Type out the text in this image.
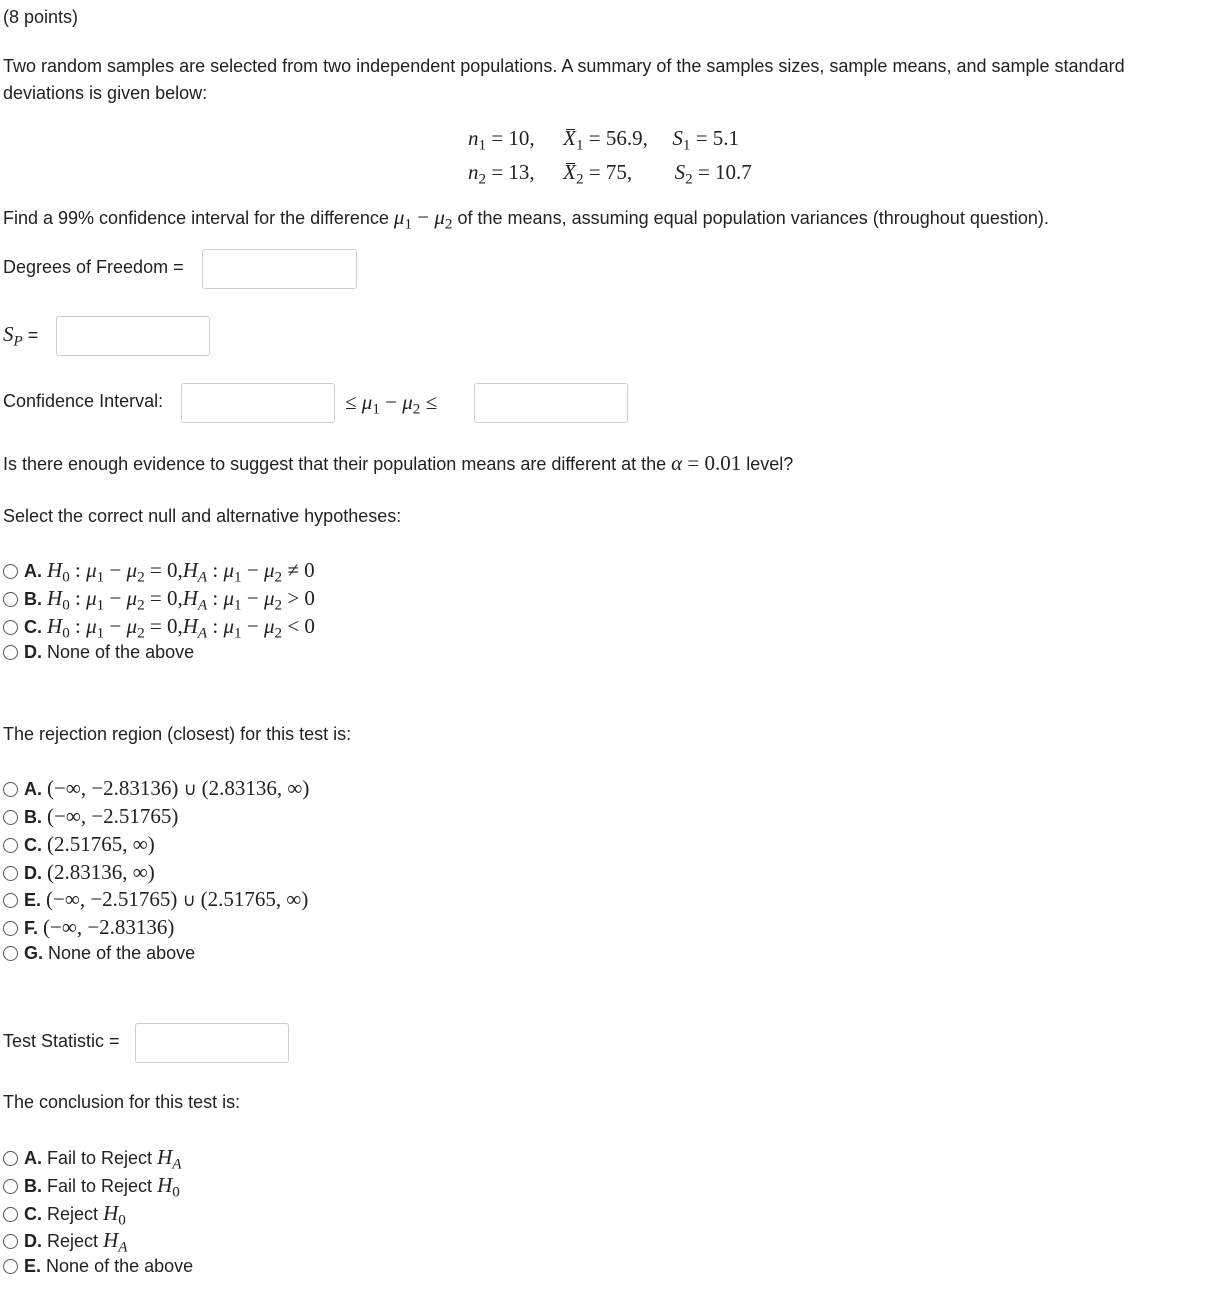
(8 points)
Two random samples are selected from two independent populations. A summary of the samples sizes, sample means, and sample standard deviations is given below:
$n_1 = 10$, $X_1 = 56.9$, $S_1 = 5.1$
$n_2 = 13$, $X_2 = 75$, $S_2 = 10.7$
Find a 99% confidence interval for the difference $\mu_1 - \mu_2$ of the means, assuming equal population variances (throughout question).
Degrees of Freedom =
$S_P$ =
Confidence Interval:	≤ $\mu_1 - \mu_2$ ≤
Is there enough evidence to suggest that their population means are different at the α = 0.01 level?
Select the correct null and alternative hypotheses:
A. $H_0$ : $\mu_1 - \mu_2 = 0,H_A$ : $\mu_1 - \mu_2 \ne 0$
B. $H_0$ : $\mu_1 - \mu_2 = 0,H_A$ : $\mu_1 - \mu_2 > 0$
C. $H_0$ : $\mu_1 - \mu_2 = 0,H_A$ : $\mu_1 - \mu_2 < 0$
D. None of the above
The rejection region (closest) for this test is:
A. (−∞, −2.83136) ∪ (2.83136, ∞)
B. (−∞, −2.51765)
C. (2.51765, ∞)
D. (2.83136, ∞)
E. (−∞, −2.51765) ∪ (2.51765, ∞)
F. (−∞, −2.83136)
G. None of the above
Test Statistic =
The conclusion for this test is:
A. Fail to Reject $H_A$
B. Fail to Reject $H_0$
C. Reject $H_0$
D. Reject $H_A$
E. None of the above
